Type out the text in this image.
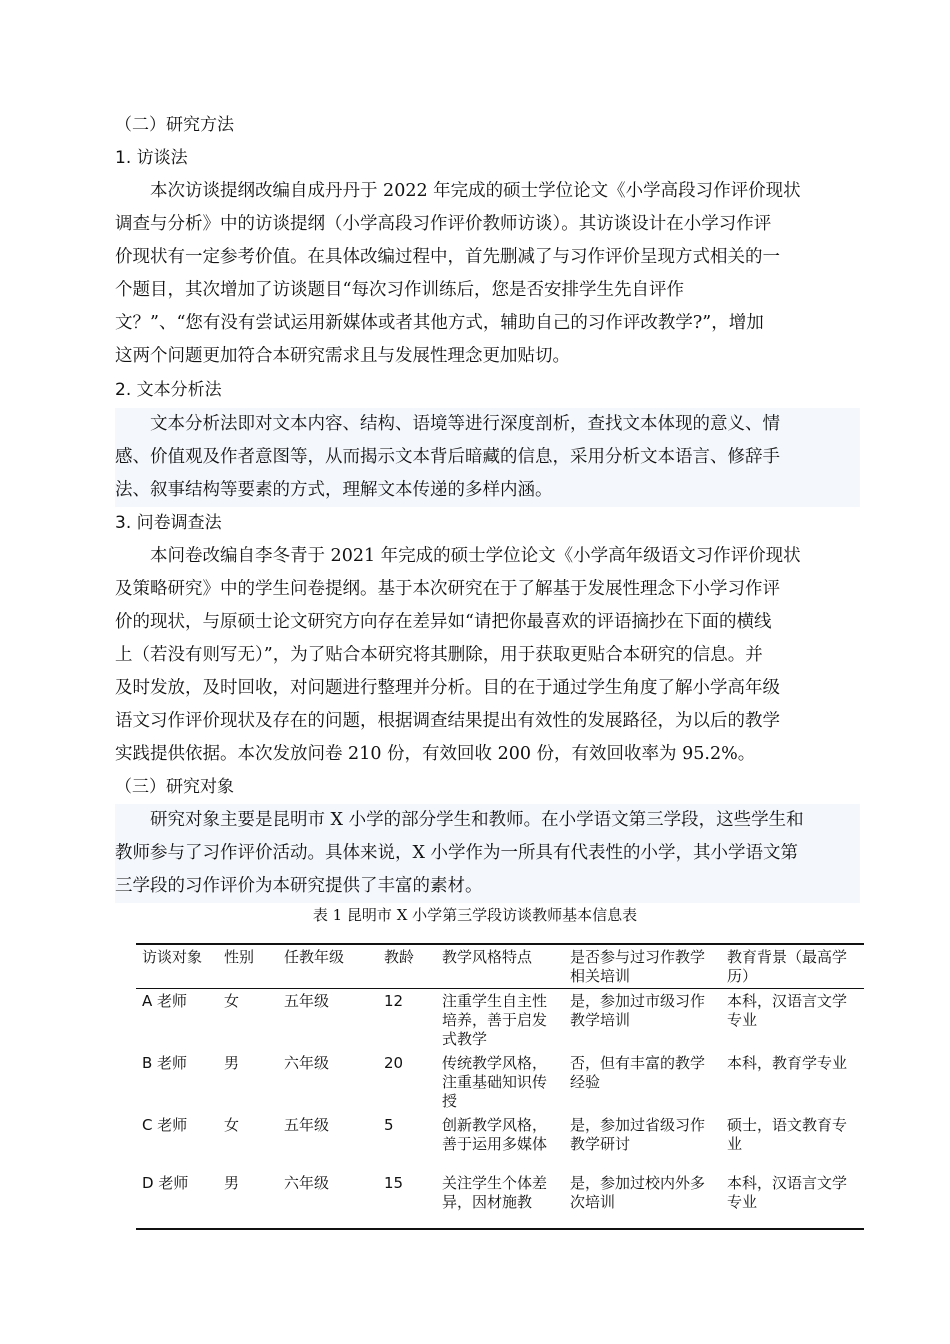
（二）研究方法
1. 访谈法
本次访谈提纲改编自成丹丹于 2022 年完成的硕士学位论文《小学高段习作评价现状
调查与分析》中的访谈提纲（小学高段习作评价教师访谈）。其访谈设计在小学习作评
价现状有一定参考价值。在具体改编过程中，首先删减了与习作评价呈现方式相关的一
个题目，其次增加了访谈题目“每次习作训练后，您是否安排学生先自评作
文？”、“您有没有尝试运用新媒体或者其他方式，辅助自己的习作评改教学?”，增加
这两个问题更加符合本研究需求且与发展性理念更加贴切。
2. 文本分析法
文本分析法即对文本内容、结构、语境等进行深度剖析，查找文本体现的意义、情
感、价值观及作者意图等，从而揭示文本背后暗藏的信息，采用分析文本语言、修辞手
法、叙事结构等要素的方式，理解文本传递的多样内涵。
3. 问卷调查法
本问卷改编自李冬青于 2021 年完成的硕士学位论文《小学高年级语文习作评价现状
及策略研究》中的学生问卷提纲。基于本次研究在于了解基于发展性理念下小学习作评
价的现状，与原硕士论文研究方向存在差异如“请把你最喜欢的评语摘抄在下面的横线
上（若没有则写无）”，为了贴合本研究将其删除，用于获取更贴合本研究的信息。并
及时发放，及时回收，对问题进行整理并分析。目的在于通过学生角度了解小学高年级
语文习作评价现状及存在的问题，根据调查结果提出有效性的发展路径，为以后的教学
实践提供依据。本次发放问卷 210 份，有效回收 200 份，有效回收率为 95.2%。
（三）研究对象
研究对象主要是昆明市 X 小学的部分学生和教师。在小学语文第三学段，这些学生和
教师参与了习作评价活动。具体来说，X 小学作为一所具有代表性的小学，其小学语文第
三学段的习作评价为本研究提供了丰富的素材。
表 1 昆明市 X 小学第三学段访谈教师基本信息表
访谈对象	性别	任教年级	教龄	教学风格特点	是否参与过习作教学相关培训	教育背景（最高学历）
A 老师	女	五年级	12	注重学生自主性培养，善于启发式教学	是，参加过市级习作教学培训	本科，汉语言文学专业
B 老师	男	六年级	20	传统教学风格，注重基础知识传授	否，但有丰富的教学经验	本科，教育学专业
C 老师	女	五年级	5	创新教学风格，善于运用多媒体	是，参加过省级习作教学研讨	硕士，语文教育专业
D 老师	男	六年级	15	关注学生个体差异，因材施教	是，参加过校内外多次培训	本科，汉语言文学专业
